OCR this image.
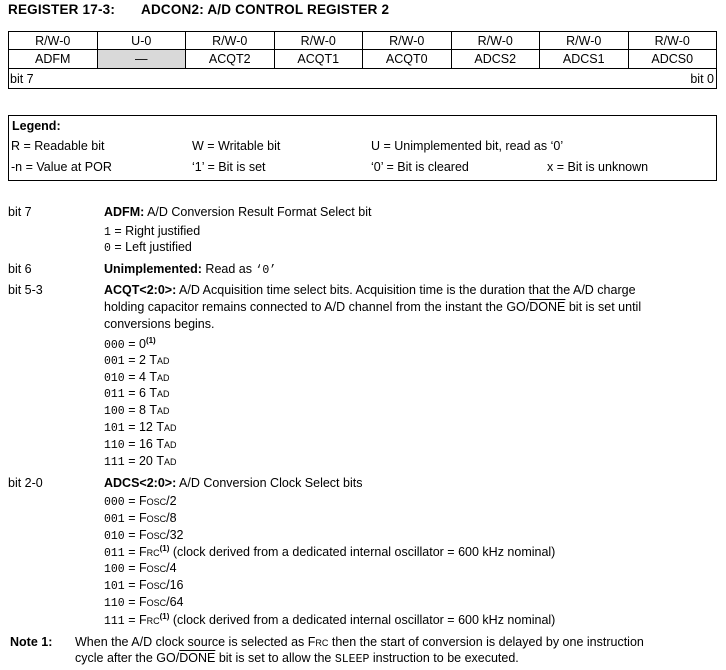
REGISTER 17-3: ADCON2: A/D CONTROL REGISTER 2
R/W-0	U-0	R/W-0	R/W-0	R/W-0	R/W-0	R/W-0	R/W-0
ADFM	—	ACQT2	ACQT1	ACQT0	ADCS2	ADCS1	ADCS0

bit 7 bit 0							
Legend:
R = Readable bit	W = Writable bit	U = Unimplemented bit, read as ‘0’
-n = Value at POR	‘1’ = Bit is set	‘0’ = Bit is cleared	x = Bit is unknown
bit 7	ADFM: A/D Conversion Result Format Select bit
1 = Right justified
0 = Left justified
bit 6	Unimplemented: Read as ‘0’
bit 5-3	ACQT<2:0>: A/D Acquisition time select bits. Acquisition time is the duration that the A/D charge
holding capacitor remains connected to A/D channel from the instant the GO/DONE bit is set until
conversions begins.
$000 = 0^{(1)}$
001 = 2 Tad
010 = 4 Tad
011 = 6 Tad
100 = 8 Tad
101 = 12 Tad
110 = 16 Tad
111 = 20 Tad
bit 2-0	ADCS<2:0>: A/D Conversion Clock Select bits
000 = Fosc/2
001 = Fosc/8
010 = Fosc/32
011 = Frc$^{(1)}$ (clock derived from a dedicated internal oscillator = 600 kHz nominal)
100 = Fosc/4
101 = Fosc/16
110 = Fosc/64
111 = Frc$^{(1)}$ (clock derived from a dedicated internal oscillator = 600 kHz nominal)
Note 1: When the A/D clock source is selected as Frc then the start of conversion is delayed by one instruction
cycle after the GO/DONE bit is set to allow the SLEEP instruction to be executed.
